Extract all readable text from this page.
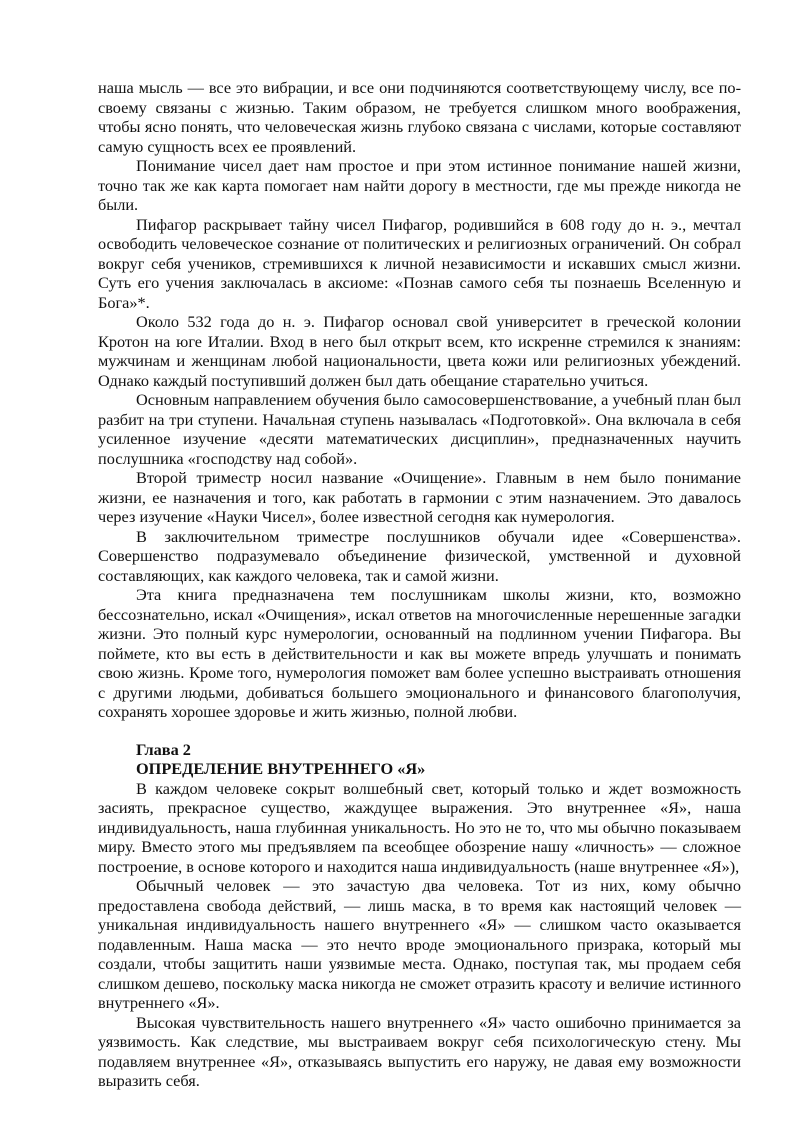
наша мысль — все это вибрации, и все они подчиняются соответствующему числу, все по-своему связаны с жизнью. Таким образом, не требуется слишком много воображения, чтобы ясно понять, что человеческая жизнь глубоко связана с числами, которые составляют самую сущность всех ее проявлений.

Понимание чисел дает нам простое и при этом истинное понимание нашей жизни, точно так же как карта помогает нам найти дорогу в местности, где мы прежде никогда не были.

Пифагор раскрывает тайну чисел Пифагор, родившийся в 608 году до н. э., мечтал освободить человеческое сознание от политических и религиозных ограничений. Он собрал вокруг себя учеников, стремившихся к личной независимости и искавших смысл жизни. Суть его учения заключалась в аксиоме: «Познав самого себя ты познаешь Вселенную и Бога»*.

Около 532 года до н. э. Пифагор основал свой университет в греческой колонии Кротон на юге Италии. Вход в него был открыт всем, кто искренне стремился к знаниям: мужчинам и женщинам любой национальности, цвета кожи или религиозных убеждений. Однако каждый поступивший должен был дать обещание старательно учиться.

Основным направлением обучения было самосовершенствование, а учебный план был разбит на три ступени. Начальная ступень называлась «Подготовкой». Она включала в себя усиленное изучение «десяти математических дисциплин», предназначенных научить послушника «господству над собой».

Второй триместр носил название «Очищение». Главным в нем было понимание жизни, ее назначения и того, как работать в гармонии с этим назначением. Это давалось через изучение «Науки Чисел», более известной сегодня как нумерология.

В заключительном триместре послушников обучали идее «Совершенства». Совершенство подразумевало объединение физической, умственной и духовной составляющих, как каждого человека, так и самой жизни.

Эта книга предназначена тем послушникам школы жизни, кто, возможно бессознательно, искал «Очищения», искал ответов на многочисленные нерешенные загадки жизни. Это полный курс нумерологии, основанный на подлинном учении Пифагора. Вы поймете, кто вы есть в действительности и как вы можете впредь улучшать и понимать свою жизнь. Кроме того, нумерология поможет вам более успешно выстраивать отношения с другими людьми, добиваться большего эмоционального и финансового благополучия, сохранять хорошее здоровье и жить жизнью, полной любви.

Глава 2
ОПРЕДЕЛЕНИЕ ВНУТРЕННЕГО «Я»

В каждом человеке сокрыт волшебный свет, который только и ждет возможность засиять, прекрасное существо, жаждущее выражения. Это внутреннее «Я», наша индивидуальность, наша глубинная уникальность. Но это не то, что мы обычно показываем миру. Вместо этого мы предъявляем па всеобщее обозрение нашу «личность» — сложное построение, в основе которого и находится наша индивидуальность (наше внутреннее «Я»),

Обычный человек — это зачастую два человека. Тот из них, кому обычно предоставлена свобода действий, — лишь маска, в то время как настоящий человек — уникальная индивидуальность нашего внутреннего «Я» — слишком часто оказывается подавленным. Наша маска — это нечто вроде эмоционального призрака, который мы создали, чтобы защитить наши уязвимые места. Однако, поступая так, мы продаем себя слишком дешево, поскольку маска никогда не сможет отразить красоту и величие истинного внутреннего «Я».

Высокая чувствительность нашего внутреннего «Я» часто ошибочно принимается за уязвимость. Как следствие, мы выстраиваем вокруг себя психологическую стену. Мы подавляем внутреннее «Я», отказываясь выпустить его наружу, не давая ему возможности выразить себя.
